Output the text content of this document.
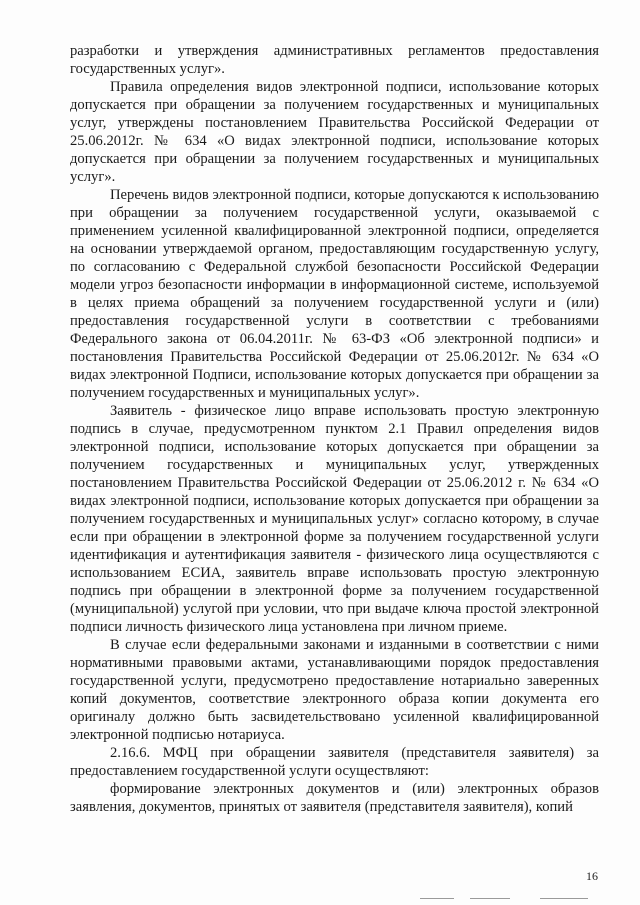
разработки и утверждения административных регламентов предоставления государственных услуг».

Правила определения видов электронной подписи, использование которых допускается при обращении за получением государственных и муниципальных услуг, утверждены постановлением Правительства Российской Федерации от 25.06.2012г. № 634 «О видах электронной подписи, использование которых допускается при обращении за получением государственных и муниципальных услуг».

Перечень видов электронной подписи, которые допускаются к использованию при обращении за получением государственной услуги, оказываемой с применением усиленной квалифицированной электронной подписи, определяется на основании утверждаемой органом, предоставляющим государственную услугу, по согласованию с Федеральной службой безопасности Российской Федерации модели угроз безопасности информации в информационной системе, используемой в целях приема обращений за получением государственной услуги и (или) предоставления государственной услуги в соответствии с требованиями Федерального закона от 06.04.2011г. № 63-ФЗ «Об электронной подписи» и постановления Правительства Российской Федерации от 25.06.2012г. № 634 «О видах электронной Подписи, использование которых допускается при обращении за получением государственных и муниципальных услуг».

Заявитель - физическое лицо вправе использовать простую электронную подпись в случае, предусмотренном пунктом 2.1 Правил определения видов электронной подписи, использование которых допускается при обращении за получением государственных и муниципальных услуг, утвержденных постановлением Правительства Российской Федерации от 25.06.2012 г. № 634 «О видах электронной подписи, использование которых допускается при обращении за получением государственных и муниципальных услуг» согласно которому, в случае если при обращении в электронной форме за получением государственной услуги идентификация и аутентификация заявителя - физического лица осуществляются с использованием ЕСИА, заявитель вправе использовать простую электронную подпись при обращении в электронной форме за получением государственной (муниципальной) услугой при условии, что при выдаче ключа простой электронной подписи личность физического лица установлена при личном приеме.

В случае если федеральными законами и изданными в соответствии с ними нормативными правовыми актами, устанавливающими порядок предоставления государственной услуги, предусмотрено предоставление нотариально заверенных копий документов, соответствие электронного образа копии документа его оригиналу должно быть засвидетельствовано усиленной квалифицированной электронной подписью нотариуса.

2.16.6. МФЦ при обращении заявителя (представителя заявителя) за предоставлением государственной услуги осуществляют:

формирование электронных документов и (или) электронных образов заявления, документов, принятых от заявителя (представителя заявителя), копий

16
